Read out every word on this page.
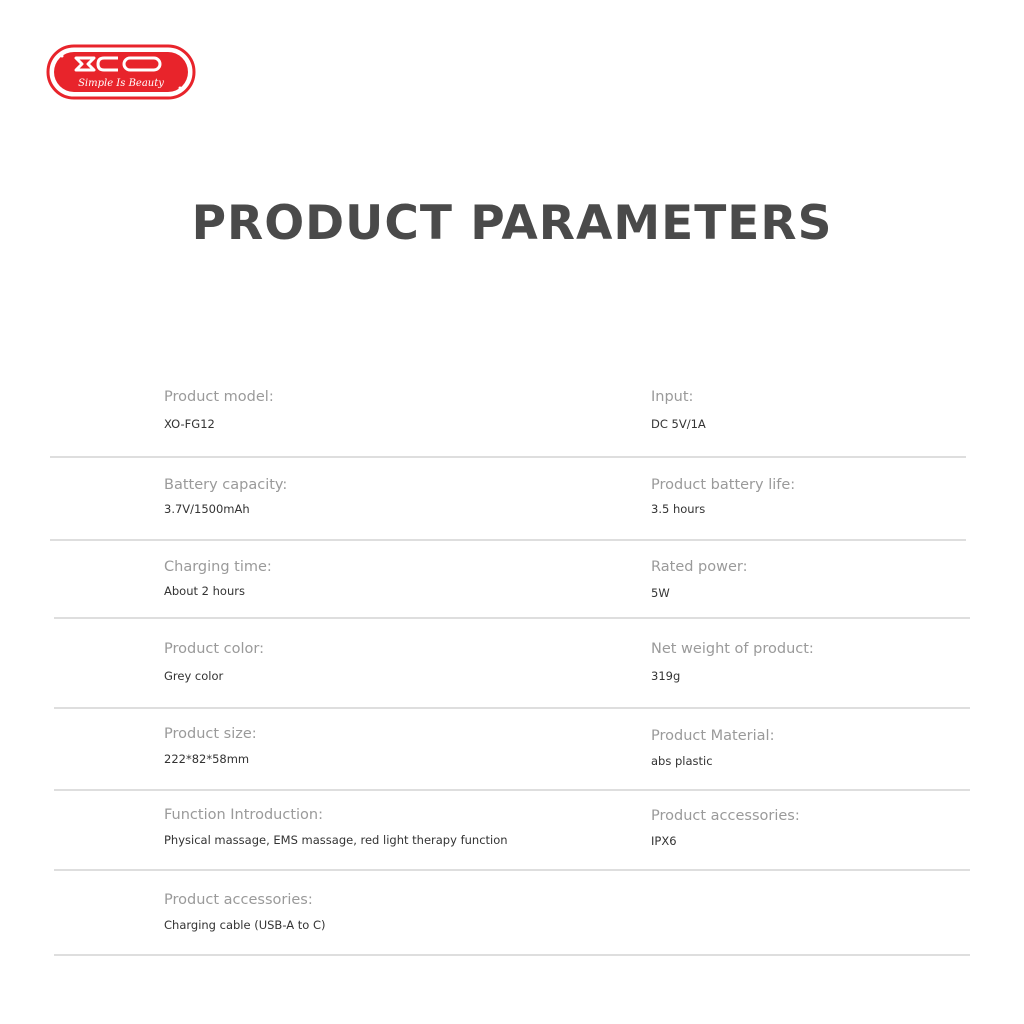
Simple Is Beauty
PRODUCT PARAMETERS
Product model:
XO-FG12
Input:
DC 5V/1A
Battery capacity:
3.7V/1500mAh
Product battery life:
3.5 hours
Charging time:
About 2 hours
Rated power:
5W
Product color:
Grey color
Net weight of product:
319g
Product size:
222*82*58mm
Product Material:
abs plastic
Function Introduction:
Physical massage, EMS massage, red light therapy function
Product accessories:
IPX6
Product accessories:
Charging cable (USB-A to C)
